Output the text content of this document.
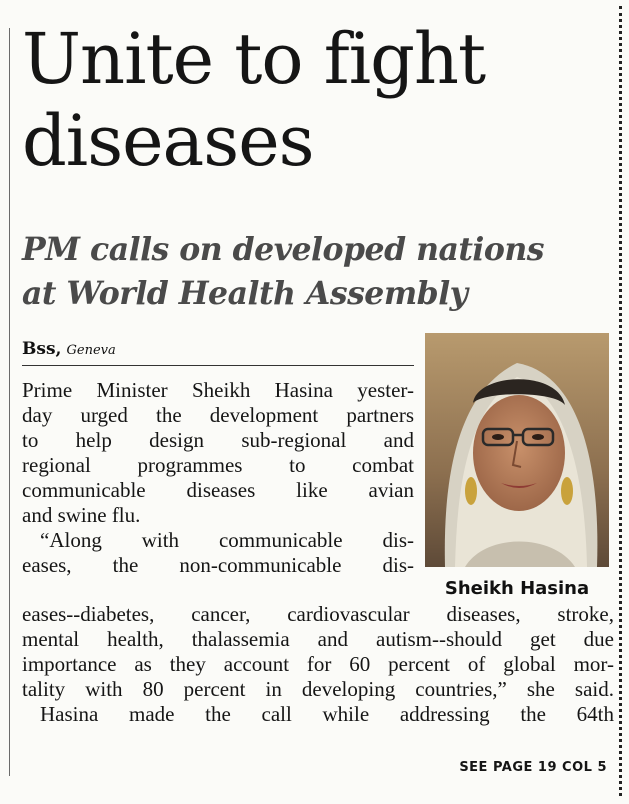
Unite to fight
diseases
PM calls on developed nations
at World Health Assembly
Bss, Geneva
Sheikh Hasina
Prime Minister Sheikh Hasina yester-
day urged the development partners
to help design sub-regional and
regional programmes to combat
communicable diseases like avian
and swine flu.
“Along with communicable dis-
eases, the non-communicable dis-
eases--diabetes, cancer, cardiovascular diseases, stroke,
mental health, thalassemia and autism--should get due
importance as they account for 60 percent of global mor-
tality with 80 percent in developing countries,” she said.
Hasina made the call while addressing the 64th
SEE PAGE 19 COL 5
